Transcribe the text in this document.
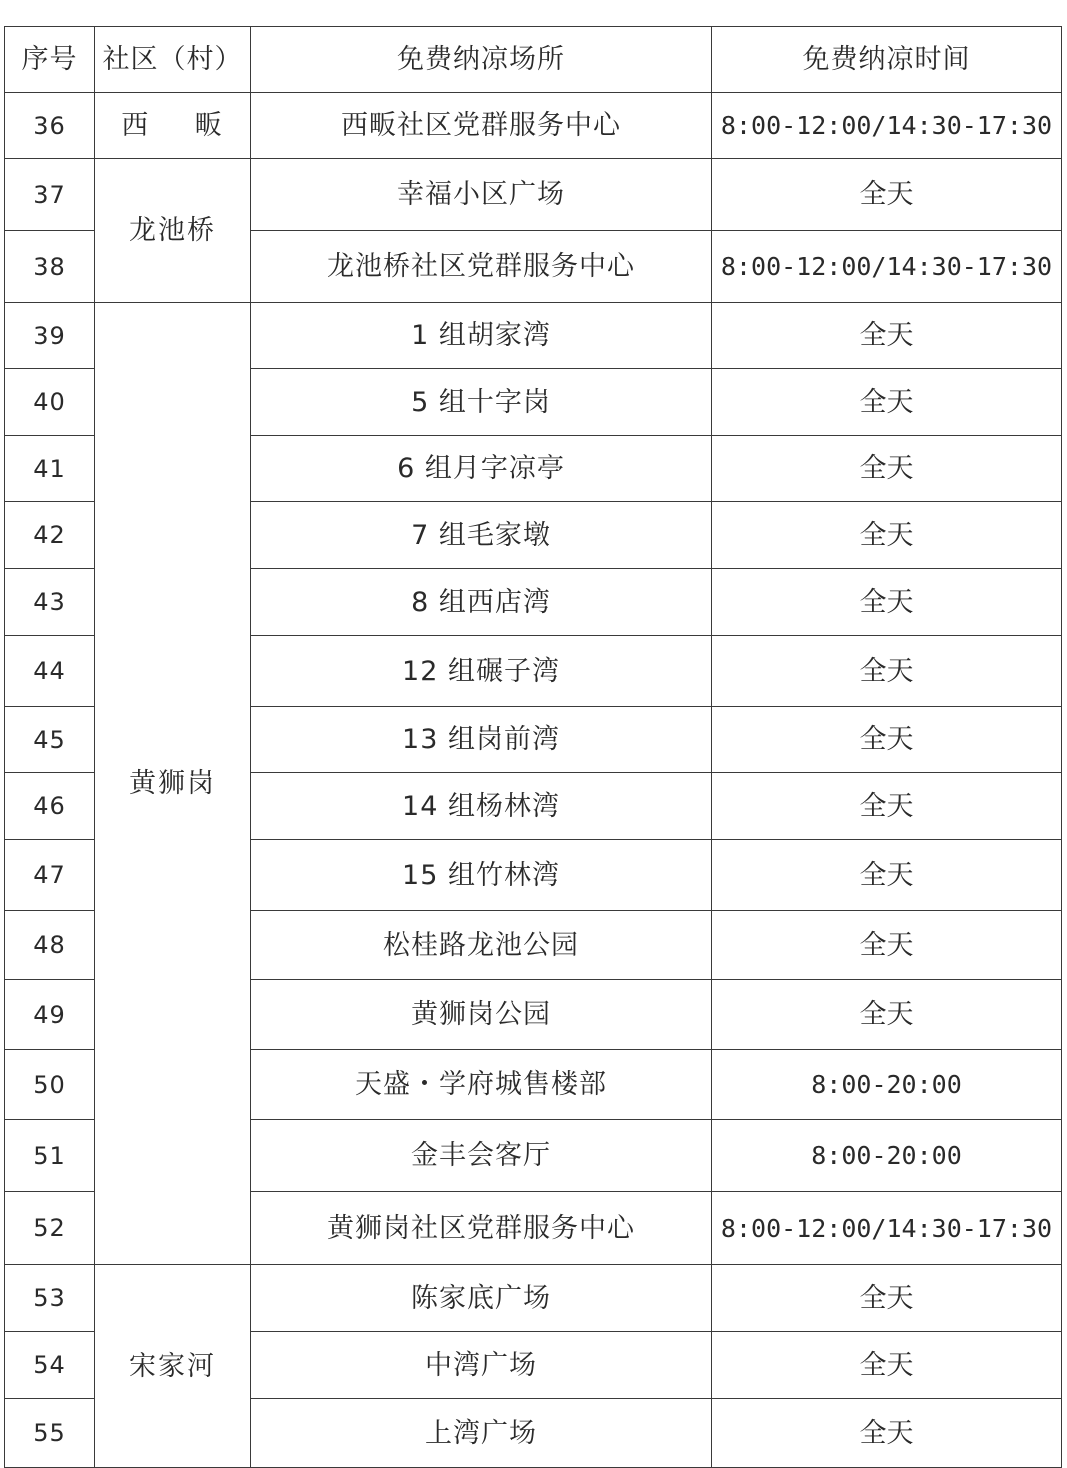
序号	社区（村）	免费纳凉场所	免费纳凉时间
36	西 畈	西畈社区党群服务中心	8:00-12:00/14:30-17:30
37	龙池桥	幸福小区广场	全天
38		龙池桥社区党群服务中心	8:00-12:00/14:30-17:30
39	黄狮岗	1 组胡家湾	全天
40		5 组十字岗	全天
41		6 组月字凉亭	全天
42		7 组毛家墩	全天
43		8 组西店湾	全天
44		12 组碾子湾	全天
45		13 组岗前湾	全天
46		14 组杨林湾	全天
47		15 组竹林湾	全天
48		松桂路龙池公园	全天
49		黄狮岗公园	全天
50		天盛・学府城售楼部	8:00-20:00
51		金丰会客厅	8:00-20:00
52		黄狮岗社区党群服务中心	8:00-12:00/14:30-17:30
53	宋家河	陈家底广场	全天
54		中湾广场	全天
55		上湾广场	全天
